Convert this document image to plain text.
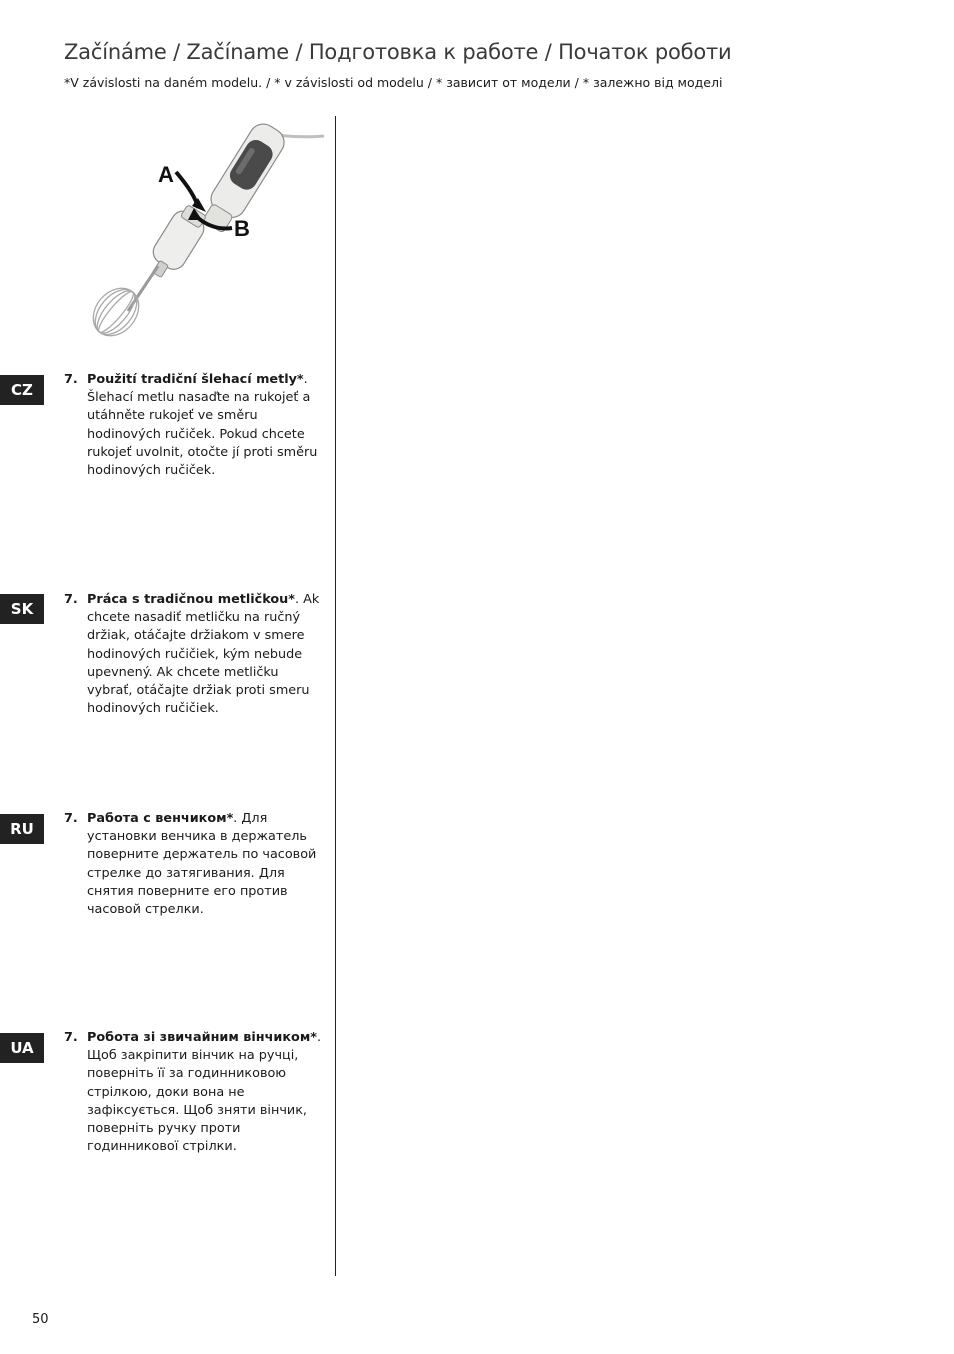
Začínáme / Začíname / Подготовка к работе / Початок роботи
*V závislosti na daném modelu. / * v závislosti od modelu / * зависит от модели / * залежно від моделі
A
B
CZ
7. Použití tradiční šlehací metly*. Šlehací metlu nasaďte na rukojeť a utáhněte rukojeť ve směru hodinových ručiček. Pokud chcete rukojeť uvolnit, otočte jí proti směru hodinových ručiček.
SK
7. Práca s tradičnou metličkou*. Ak chcete nasadiť metličku na ručný držiak, otáčajte držiakom v smere hodinových ručičiek, kým nebude upevnený. Ak chcete metličku vybrať, otáčajte držiak proti smeru hodinových ručičiek.
RU
7. Работа с венчиком*. Для установки венчика в держатель поверните держатель по часовой стрелке до затягивания. Для снятия поверните его против часовой стрелки.
UA
7. Робота зі звичайним вінчиком*. Щоб закріпити вінчик на ручці, поверніть її за годинниковою стрілкою, доки вона не зафіксується. Щоб зняти вінчик, поверніть ручку проти годинникової стрілки.
50
